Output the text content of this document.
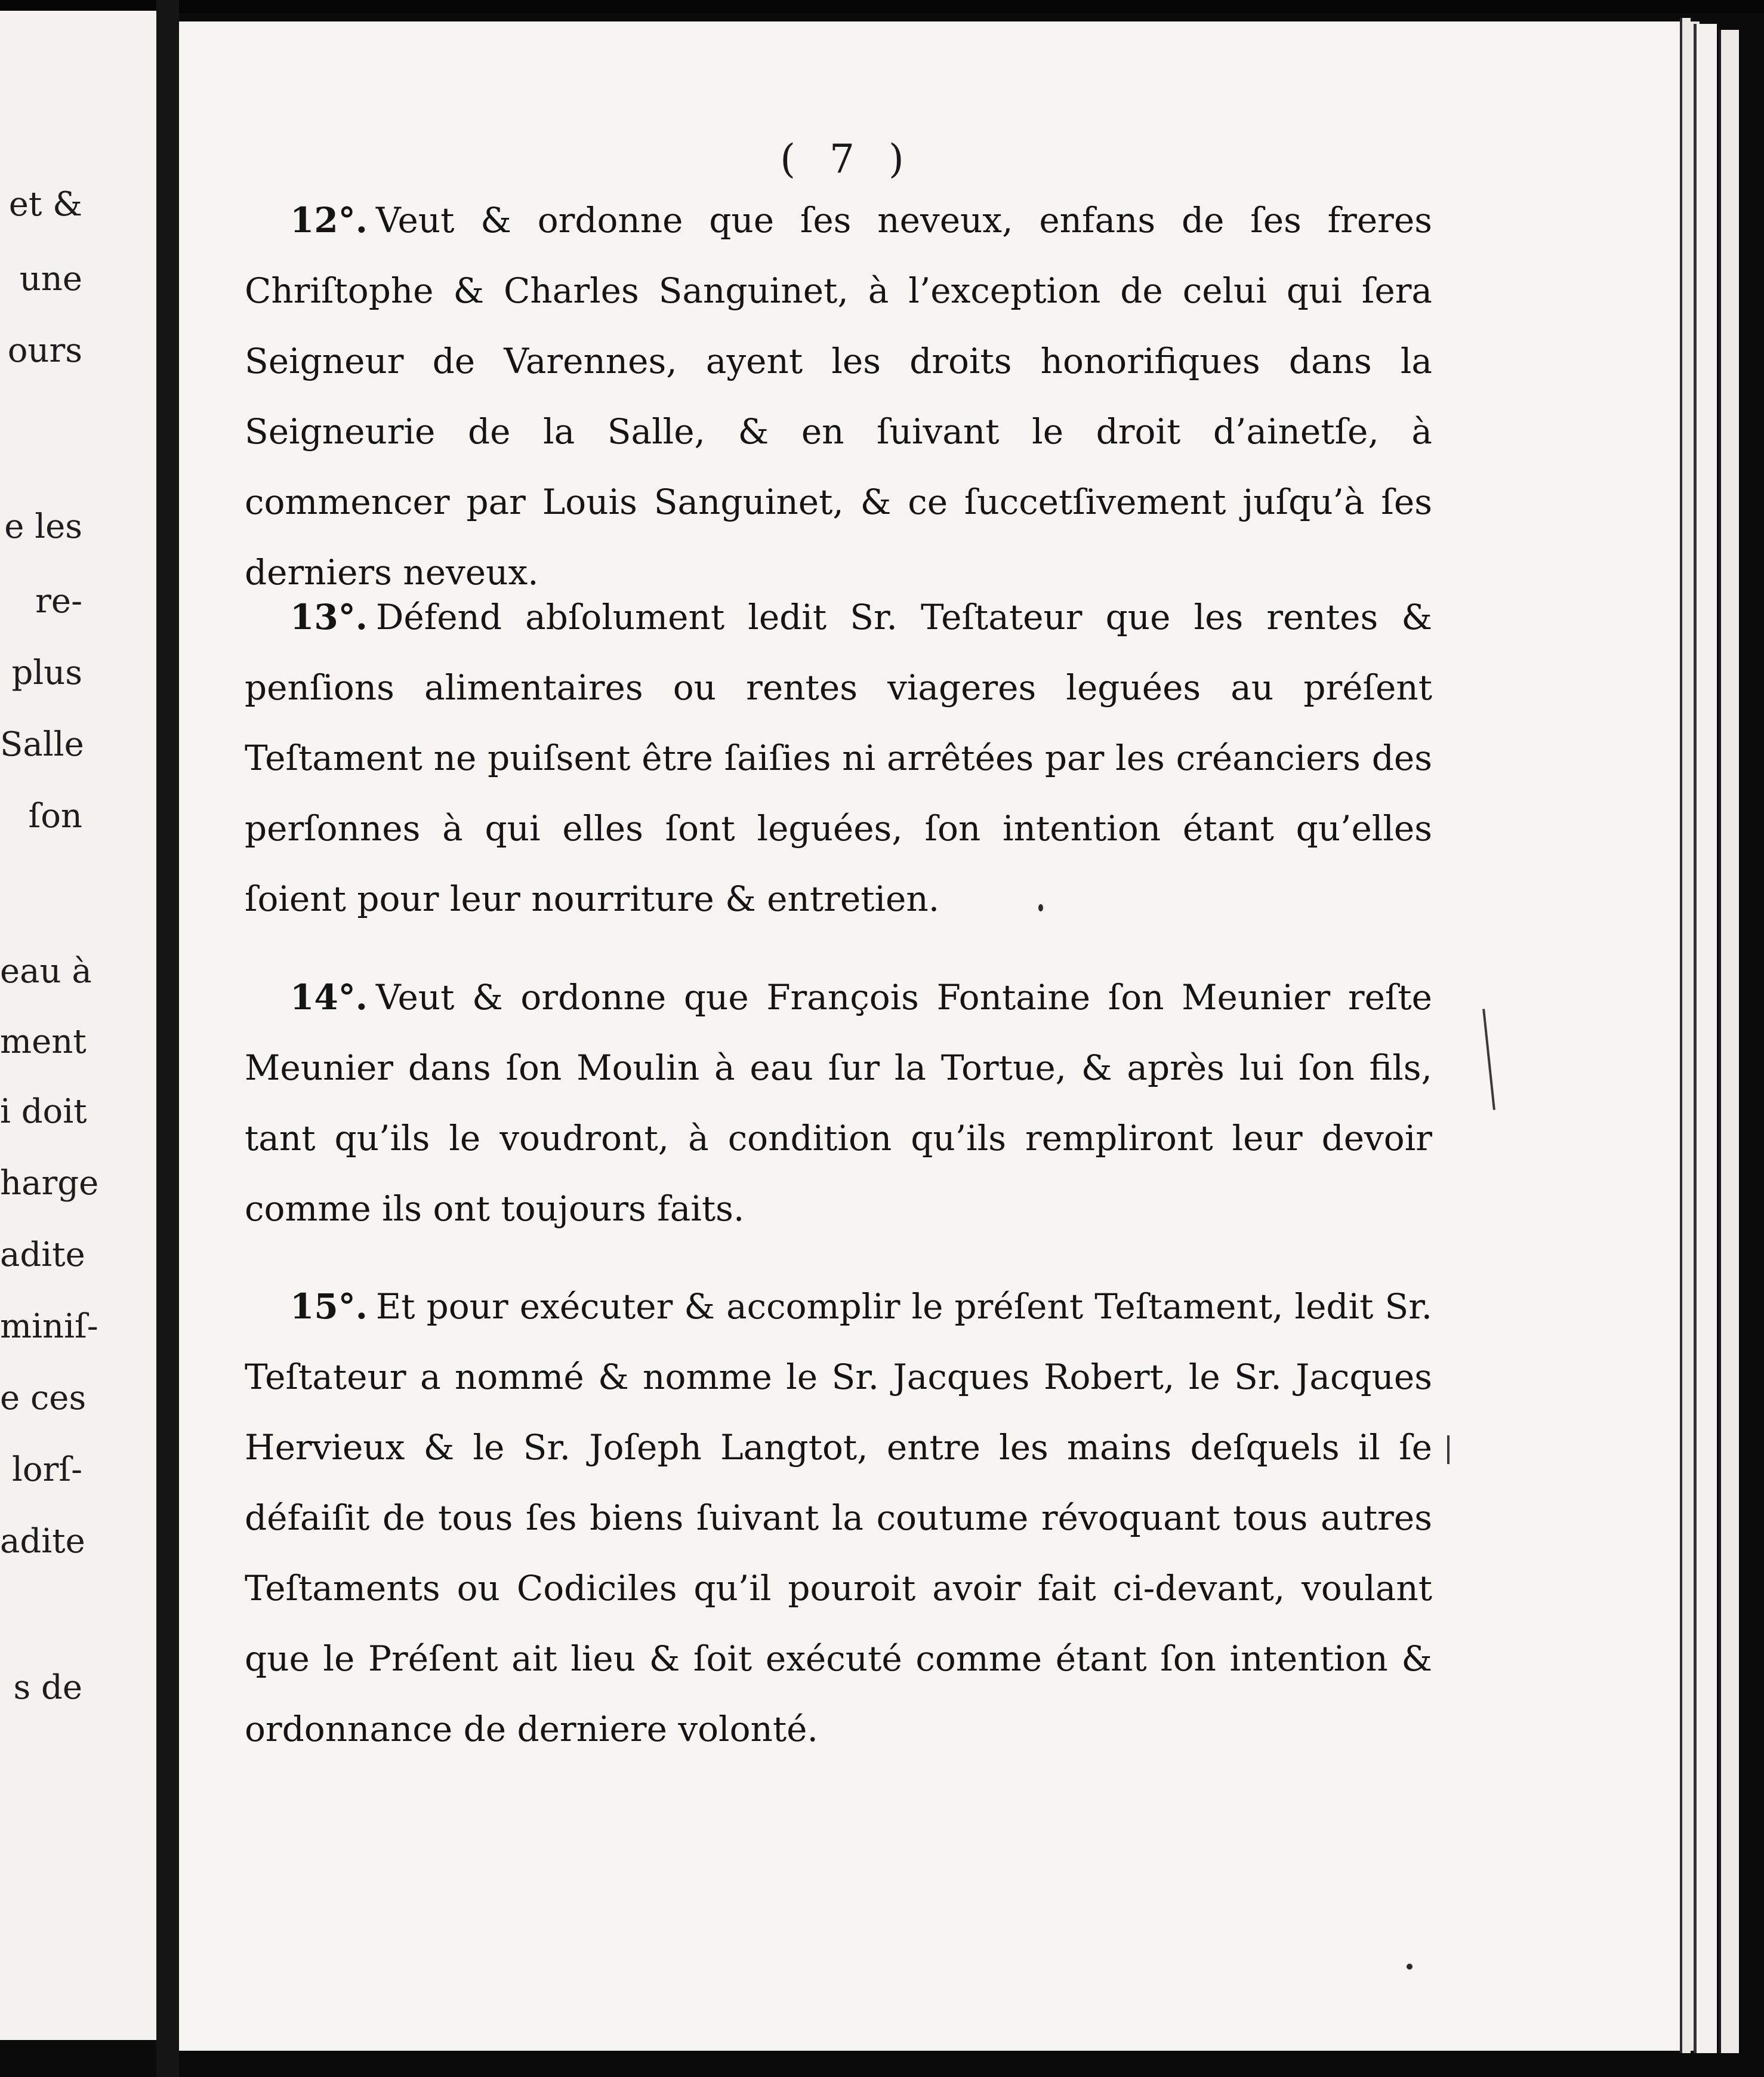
et &
une
ours
e les
re-
plus
Salle
ſon
eau à
ment
i doit
harge
adite
miniſ-
e ces
lorſ-
adite
s de
( 7 )

12°. Veut & ordonne que ſes neveux, enfans de ſes freres Chriſtophe & Charles Sanguinet, à l’exception de celui qui ſera Seigneur de Varennes, ayent les droits honorifiques dans la Seigneurie de la Salle, & en ſuivant le droit d’ainetſe, à commencer par Louis Sanguinet, & ce ſuccetſivement juſqu’à ſes derniers neveux.

13°. Défend abſolument ledit Sr. Teſtateur que les rentes & penſions alimentaires ou rentes viageres leguées au préſent Teſtament ne puiſsent être ſaiſies ni arrêtées par les créanciers des perſonnes à qui elles ſont leguées, ſon intention étant qu’elles ſoient pour leur nourriture & entretien.

14°. Veut & ordonne que François Fontaine ſon Meunier reſte Meunier dans ſon Moulin à eau ſur la Tortue, & après lui ſon fils, tant qu’ils le voudront, à condition qu’ils rempliront leur devoir comme ils ont toujours faits.

15°. Et pour exécuter & accomplir le préſent Teſtament, ledit Sr. Teſtateur a nommé & nomme le Sr. Jacques Robert, le Sr. Jacques Hervieux & le Sr. Joſeph Langtot, entre les mains deſquels il ſe défaiſit de tous ſes biens ſuivant la coutume révoquant tous autres Teſtaments ou Codiciles qu’il pouroit avoir fait ci-devant, voulant que le Préſent ait lieu & ſoit exécuté comme étant ſon intention & ordonnance de derniere volonté.
